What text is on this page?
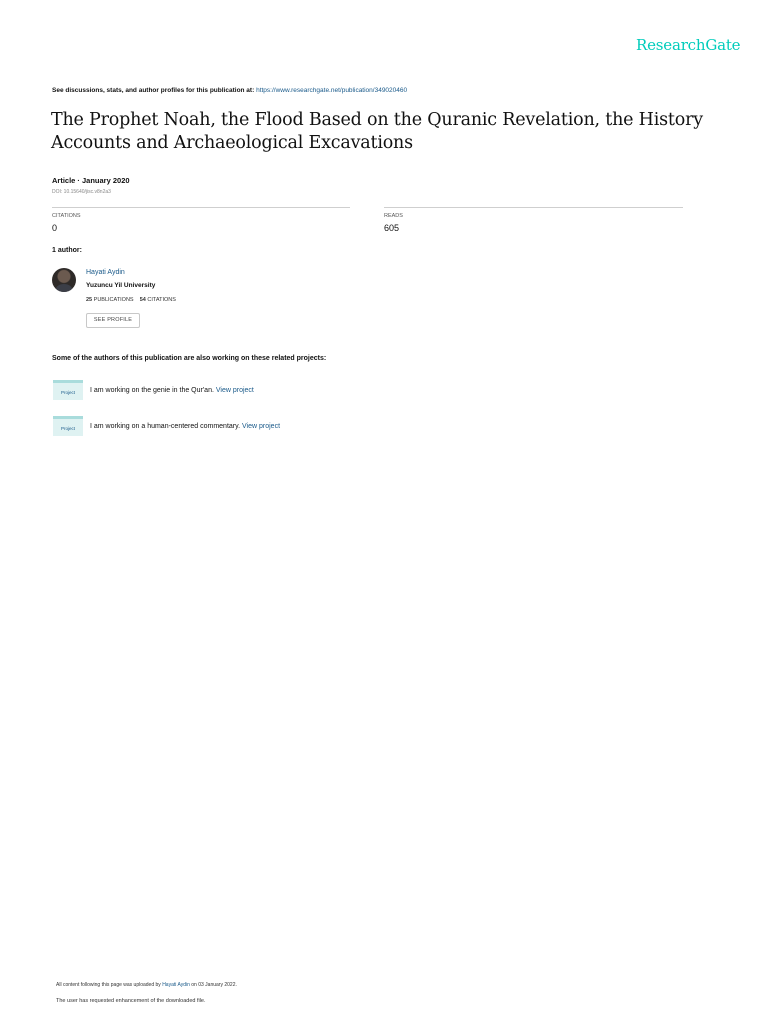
ResearchGate
See discussions, stats, and author profiles for this publication at: https://www.researchgate.net/publication/349020460
The Prophet Noah, the Flood Based on the Quranic Revelation, the History Accounts and Archaeological Excavations
Article · January 2020
DOI: 10.15640/jisc.v8n2a3
CITATIONS
0
READS
605
1 author:
Hayati Aydin
Yuzuncu Yil University
25 PUBLICATIONS 54 CITATIONS
SEE PROFILE
Some of the authors of this publication are also working on these related projects:
Project	I am working on the genie in the Qur'an. View project
Project	I am working on a human-centered commentary. View project
All content following this page was uploaded by Hayati Aydin on 03 January 2022.
The user has requested enhancement of the downloaded file.
